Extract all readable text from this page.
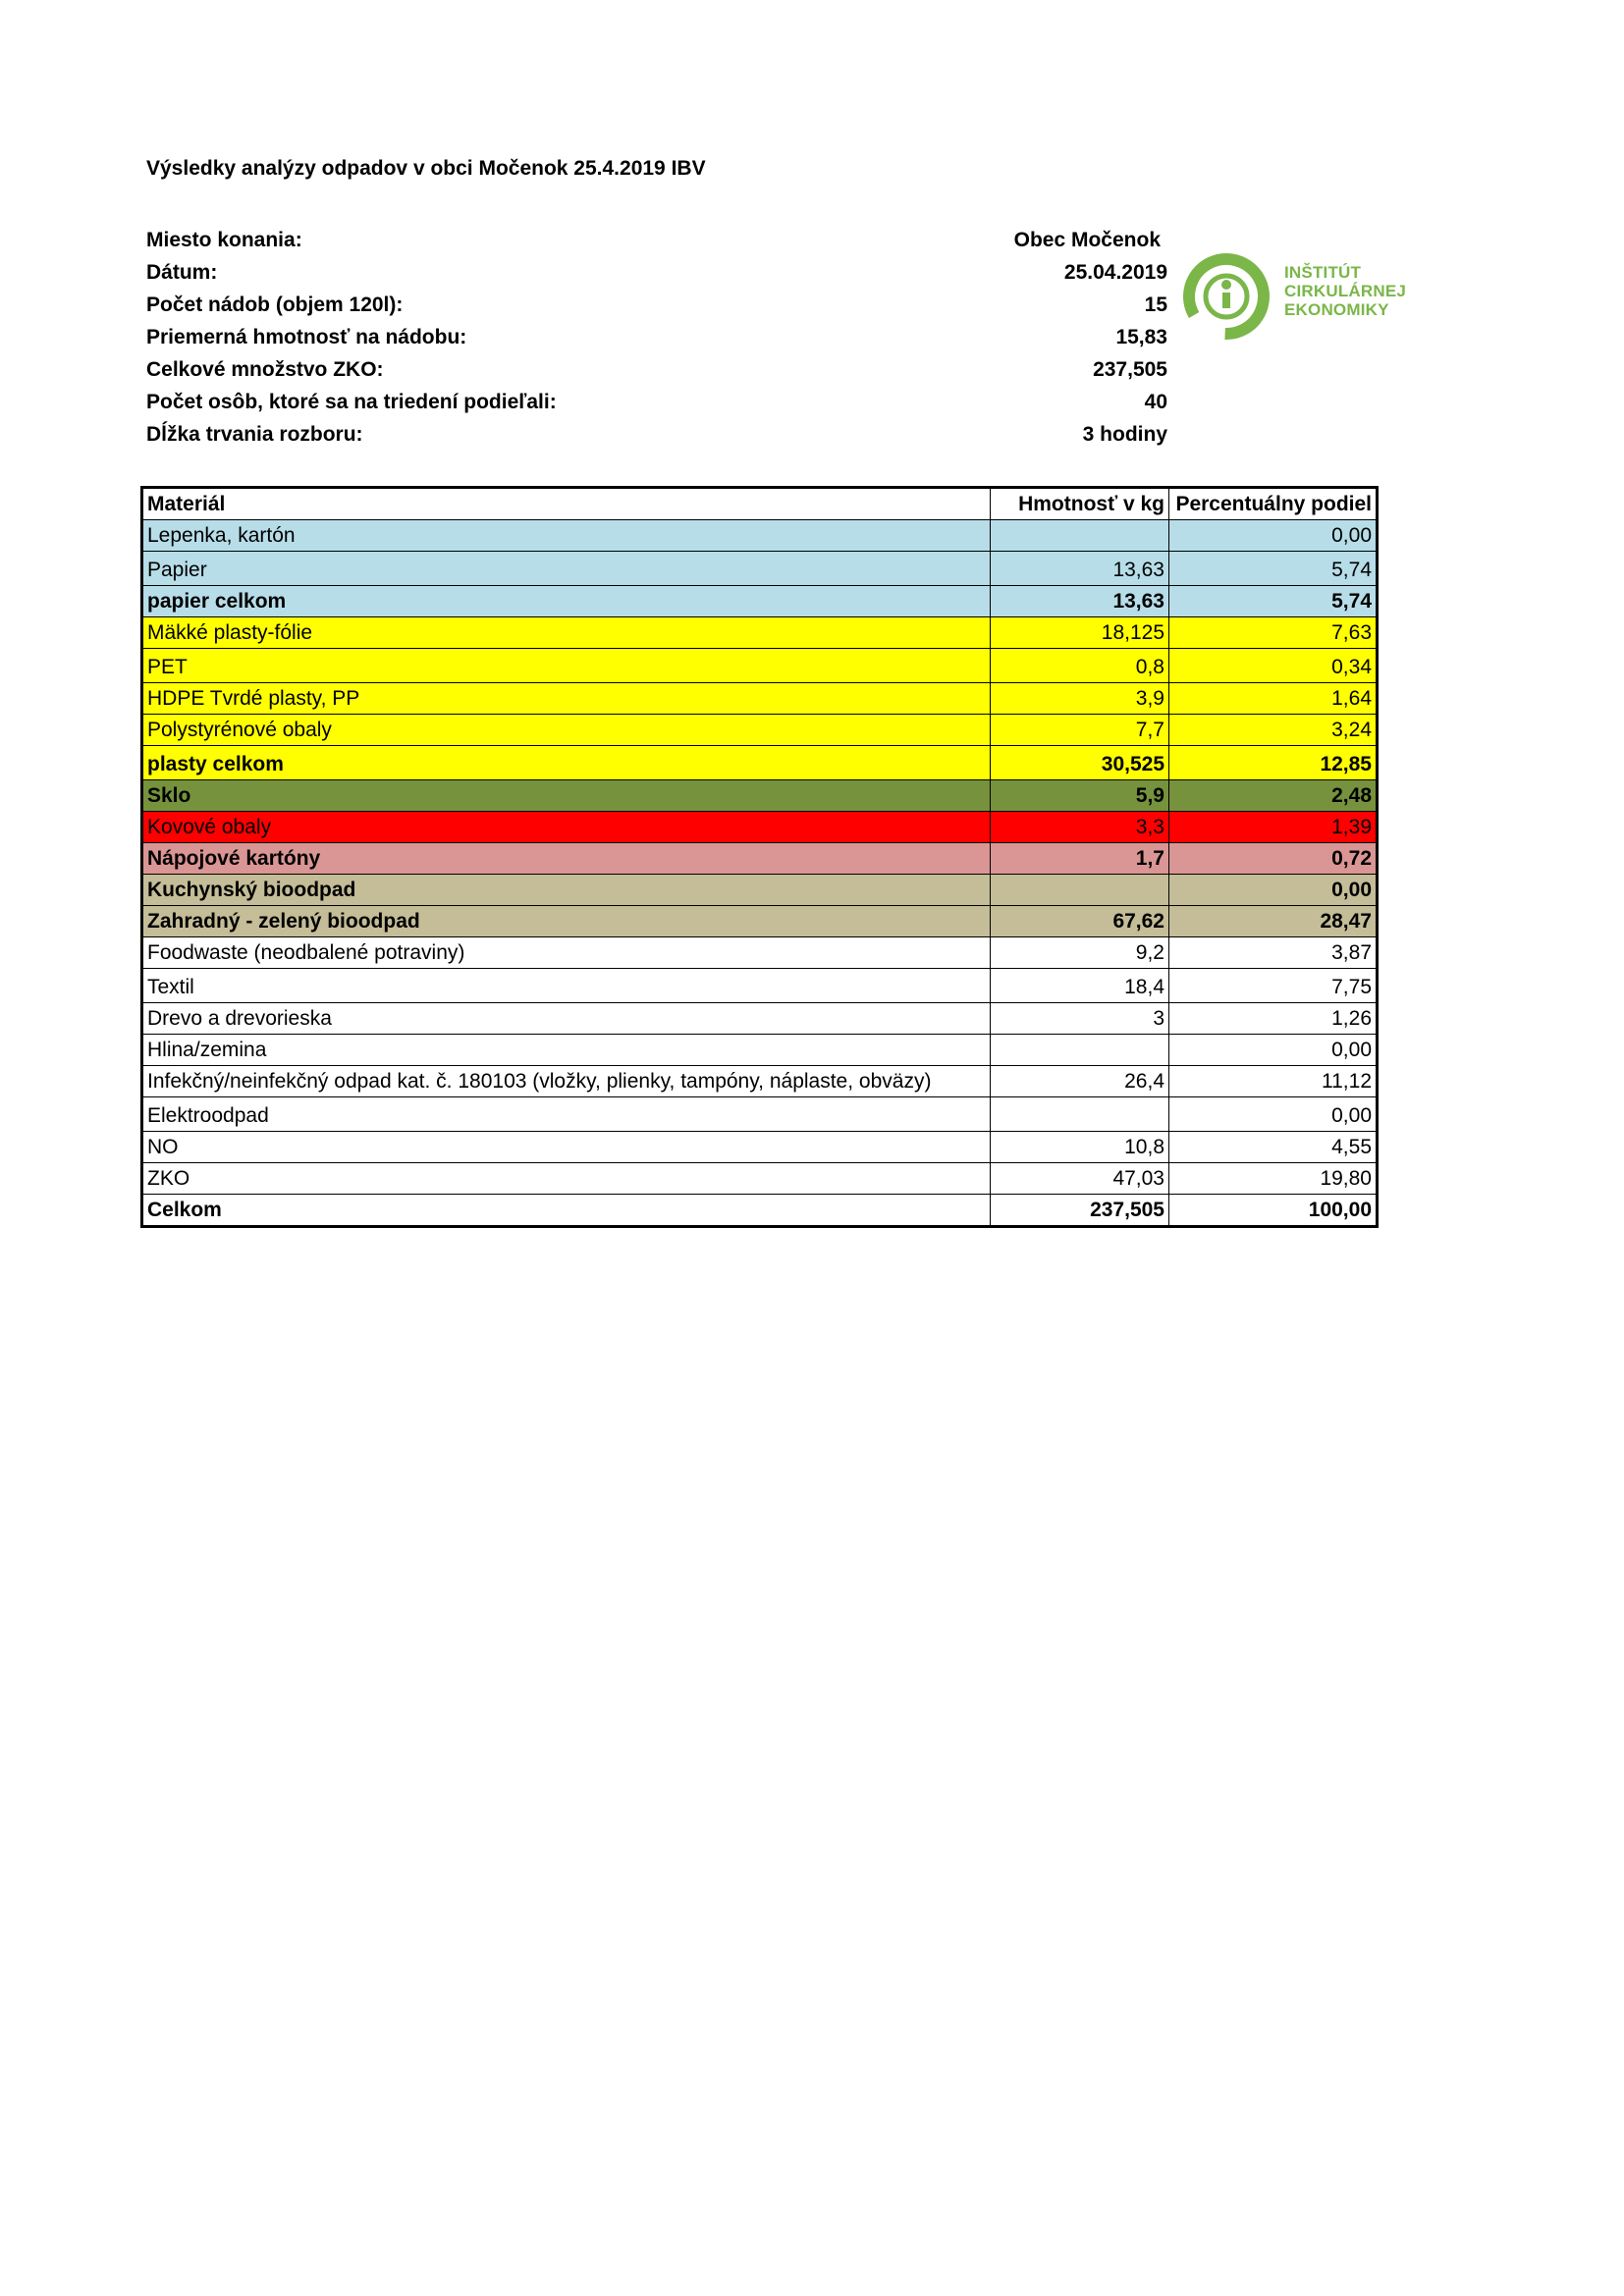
Výsledky analýzy odpadov v obci Močenok 25.4.2019 IBV
Miesto konania:	Obec Močenok
Dátum:	25.04.2019
Počet nádob (objem 120l):	15
Priemerná hmotnosť na nádobu:	15,83
Celkové množstvo ZKO:	237,505
Počet osôb, ktoré sa na triedení podieľali:	40
Dĺžka trvania rozboru:	3 hodiny
INŠTITÚT
CIRKULÁRNEJ
EKONOMIKY
Materiál	Hmotnosť v kg	Percentuálny podiel
Lepenka, kartón		0,00
Papier	13,63	5,74
papier celkom	13,63	5,74
Mäkké plasty-fólie	18,125	7,63
PET	0,8	0,34
HDPE Tvrdé plasty, PP	3,9	1,64
Polystyrénové obaly	7,7	3,24
plasty celkom	30,525	12,85
Sklo	5,9	2,48
Kovové obaly	3,3	1,39
Nápojové kartóny	1,7	0,72
Kuchynský bioodpad		0,00
Zahradný - zelený bioodpad	67,62	28,47
Foodwaste (neodbalené potraviny)	9,2	3,87
Textil	18,4	7,75
Drevo a drevorieska	3	1,26
Hlina/zemina		0,00
Infekčný/neinfekčný odpad kat. č. 180103 (vložky, plienky, tampóny, náplaste, obväzy)	26,4	11,12
Elektroodpad		0,00
NO	10,8	4,55
ZKO	47,03	19,80
Celkom	237,505	100,00
